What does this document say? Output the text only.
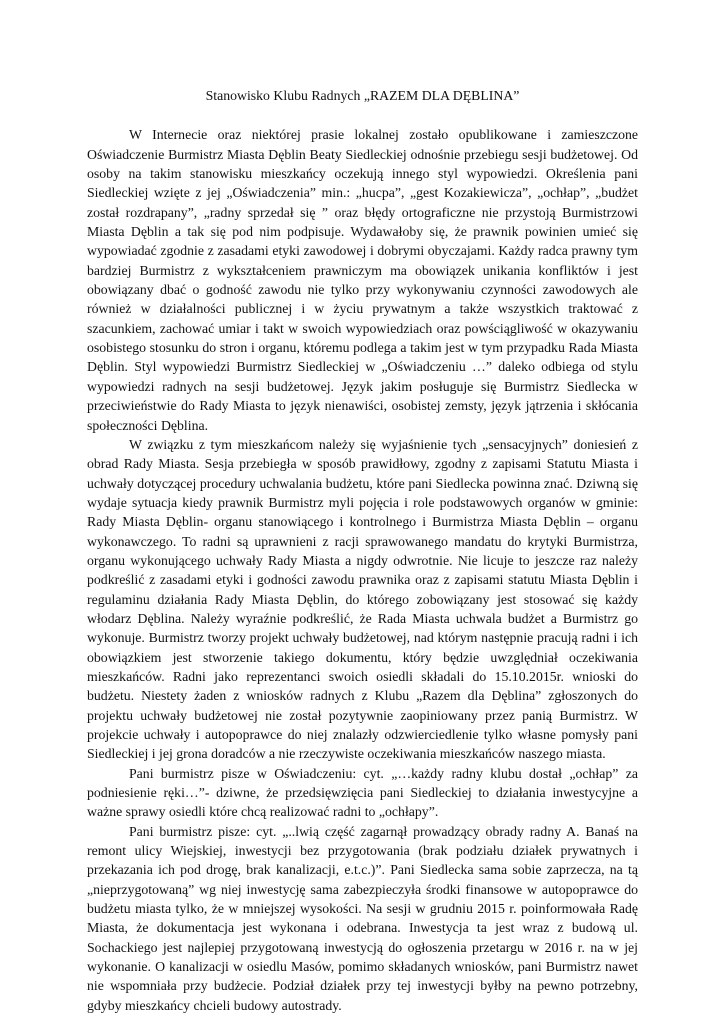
Stanowisko Klubu Radnych „RAZEM DLA DĘBLINA”

W Internecie oraz niektórej prasie lokalnej zostało opublikowane i zamieszczone Oświadczenie Burmistrz Miasta Dęblin Beaty Siedleckiej odnośnie przebiegu sesji budżetowej. Od osoby na takim stanowisku mieszkańcy oczekują innego styl wypowiedzi. Określenia pani Siedleckiej wzięte z jej „Oświadczenia” min.: „hucpa”, „gest Kozakiewicza”, „ochłap”, „budżet został rozdrapany”, „radny sprzedał się ” oraz błędy ortograficzne nie przystoją Burmistrzowi Miasta Dęblin a tak się pod nim podpisuje. Wydawałoby się, że prawnik powinien umieć się wypowiadać zgodnie z zasadami etyki zawodowej i dobrymi obyczajami. Każdy radca prawny tym bardziej Burmistrz z wykształceniem prawniczym ma obowiązek unikania konfliktów i jest obowiązany dbać o godność zawodu nie tylko przy wykonywaniu czynności zawodowych ale również w działalności publicznej i w życiu prywatnym a także wszystkich traktować z szacunkiem, zachować umiar i takt w swoich wypowiedziach oraz powściągliwość w okazywaniu osobistego stosunku do stron i organu, któremu podlega a takim jest w tym przypadku Rada Miasta Dęblin. Styl wypowiedzi Burmistrz Siedleckiej w „Oświadczeniu …” daleko odbiega od stylu wypowiedzi radnych na sesji budżetowej. Język jakim posługuje się Burmistrz Siedlecka w przeciwieństwie do Rady Miasta to język nienawiści, osobistej zemsty, język jątrzenia i skłócania społeczności Dęblina.

W związku z tym mieszkańcom należy się wyjaśnienie tych „sensacyjnych” doniesień z obrad Rady Miasta. Sesja przebiegła w sposób prawidłowy, zgodny z zapisami Statutu Miasta i uchwały dotyczącej procedury uchwalania budżetu, które pani Siedlecka powinna znać. Dziwną się wydaje sytuacja kiedy prawnik Burmistrz myli pojęcia i role podstawowych organów w gminie: Rady Miasta Dęblin- organu stanowiącego i kontrolnego i Burmistrza Miasta Dęblin – organu wykonawczego. To radni są uprawnieni z racji sprawowanego mandatu do krytyki Burmistrza, organu wykonującego uchwały Rady Miasta a nigdy odwrotnie. Nie licuje to jeszcze raz należy podkreślić z zasadami etyki i godności zawodu prawnika oraz z zapisami statutu Miasta Dęblin i regulaminu działania Rady Miasta Dęblin, do którego zobowiązany jest stosować się każdy włodarz Dęblina. Należy wyraźnie podkreślić, że Rada Miasta uchwala budżet a Burmistrz go wykonuje. Burmistrz tworzy projekt uchwały budżetowej, nad którym następnie pracują radni i ich obowiązkiem jest stworzenie takiego dokumentu, który będzie uwzględniał oczekiwania mieszkańców. Radni jako reprezentanci swoich osiedli składali do 15.10.2015r. wnioski do budżetu. Niestety żaden z wniosków radnych z Klubu „Razem dla Dęblina” zgłoszonych do projektu uchwały budżetowej nie został pozytywnie zaopiniowany przez panią Burmistrz. W projekcie uchwały i autopoprawce do niej znalazły odzwierciedlenie tylko własne pomysły pani Siedleckiej i jej grona doradców a nie rzeczywiste oczekiwania mieszkańców naszego miasta.

Pani burmistrz pisze w Oświadczeniu: cyt. „…każdy radny klubu dostał „ochłap” za podniesienie ręki…”- dziwne, że przedsięwzięcia pani Siedleckiej to działania inwestycyjne a ważne sprawy osiedli które chcą realizować radni to „ochłapy”.

Pani burmistrz pisze: cyt. „..lwią część zagarnął prowadzący obrady radny A. Banaś na remont ulicy Wiejskiej, inwestycji bez przygotowania (brak podziału działek prywatnych i przekazania ich pod drogę, brak kanalizacji, e.t.c.)”. Pani Siedlecka sama sobie zaprzecza, na tą „nieprzygotowaną” wg niej inwestycję sama zabezpieczyła środki finansowe w autopoprawce do budżetu miasta tylko, że w mniejszej wysokości. Na sesji w grudniu 2015 r. poinformowała Radę Miasta, że dokumentacja jest wykonana i odebrana. Inwestycja ta jest wraz z budową ul. Sochackiego jest najlepiej przygotowaną inwestycją do ogłoszenia przetargu w 2016 r. na w jej wykonanie. O kanalizacji w osiedlu Masów, pomimo składanych wniosków, pani Burmistrz nawet nie wspomniała przy budżecie. Podział działek przy tej inwestycji byłby na pewno potrzebny, gdyby mieszkańcy chcieli budowy autostrady.
